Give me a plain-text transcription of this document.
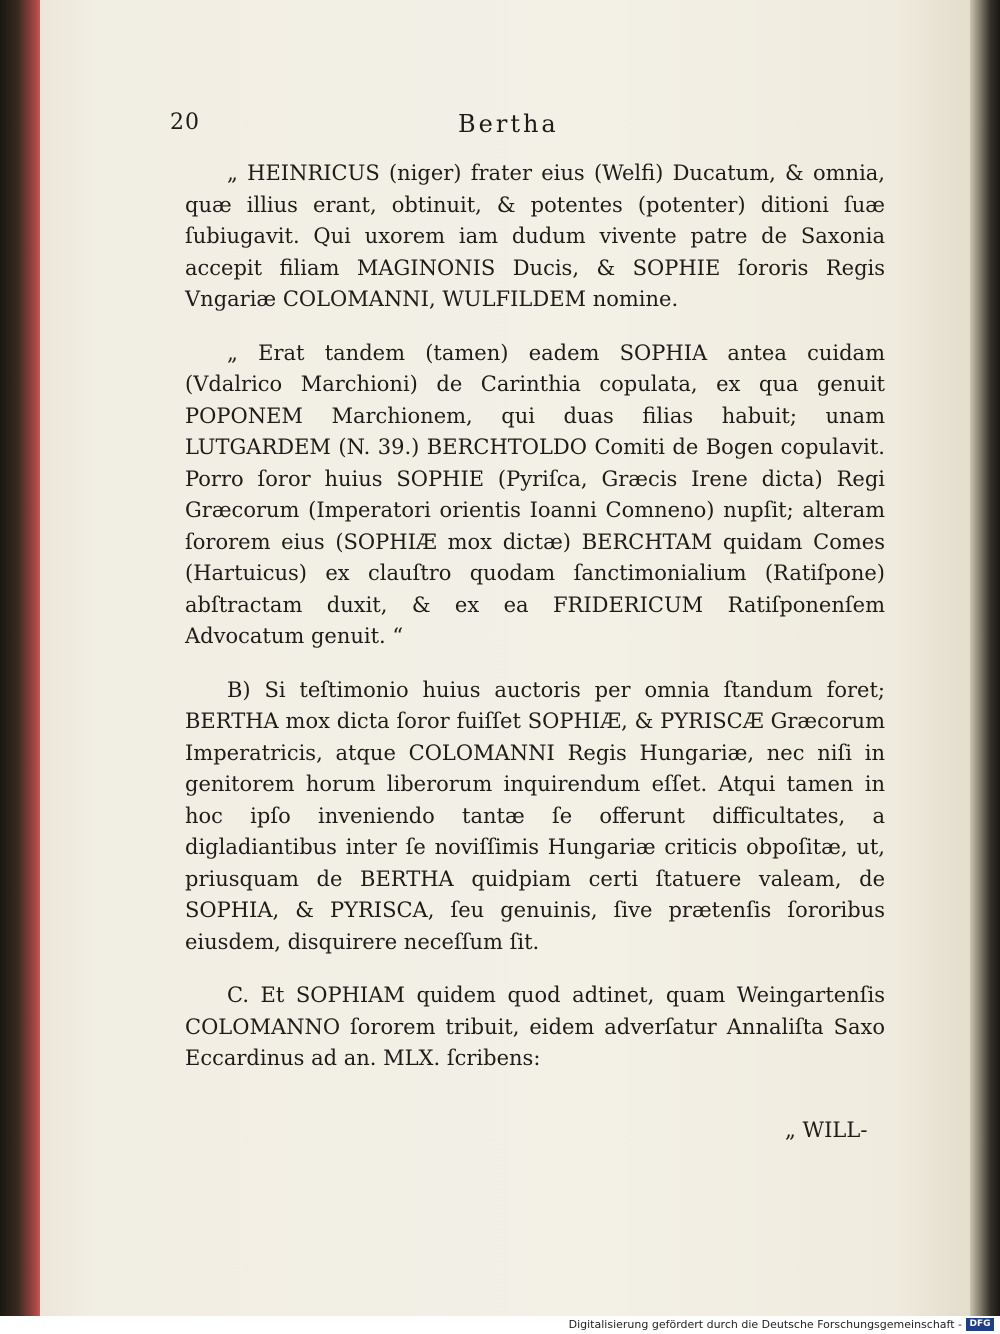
20	Bertha

„ HEINRICUS (niger) frater eius (Welfi) Ducatum, & omnia, quæ illius erant, obtinuit, & potentes (potenter) ditioni ſuæ ſubiugavit. Qui uxorem iam dudum vivente patre de Saxonia accepit filiam MAGINONIS Ducis, & SOPHIE ſororis Regis Vngariæ COLOMANNI, WULFILDEM nomine.

„ Erat tandem (tamen) eadem SOPHIA antea cuidam (Vdalrico Marchioni) de Carinthia copulata, ex qua genuit POPONEM Marchionem, qui duas filias habuit; unam LUTGARDEM (N. 39.) BERCHTOLDO Comiti de Bogen copulavit. Porro ſoror huius SOPHIE (Pyriſca, Græcis Irene dicta) Regi Græcorum (Imperatori orientis Ioanni Comneno) nupſit; alteram ſororem eius (SOPHIÆ mox dictæ) BERCHTAM quidam Comes (Hartuicus) ex clauſtro quodam ſanctimonialium (Ratiſpone) abſtractam duxit, & ex ea FRIDERICUM Ratiſponenſem Advocatum genuit. “

B) Si teſtimonio huius auctoris per omnia ſtandum foret; BERTHA mox dicta ſoror fuiſſet SOPHIÆ, & PYRISCÆ Græcorum Imperatricis, atque COLOMANNI Regis Hungariæ, nec niſi in genitorem horum liberorum inquirendum eſſet. Atqui tamen in hoc ipſo inveniendo tantæ ſe offerunt difficultates, a digladiantibus inter ſe noviſſimis Hungariæ criticis obpoſitæ, ut, priusquam de BERTHA quidpiam certi ſtatuere valeam, de SOPHIA, & PYRISCA, ſeu genuinis, ſive prætenſis ſororibus eiusdem, disquirere neceſſum ſit.

C. Et SOPHIAM quidem quod adtinet, quam Weingartenſis COLOMANNO ſororem tribuit, eidem adverſatur Annaliſta Saxo Eccardinus ad an. MLX. ſcribens:

„ WILL-
Digitalisierung gefördert durch die Deutsche Forschungsgemeinschaft - DFG
